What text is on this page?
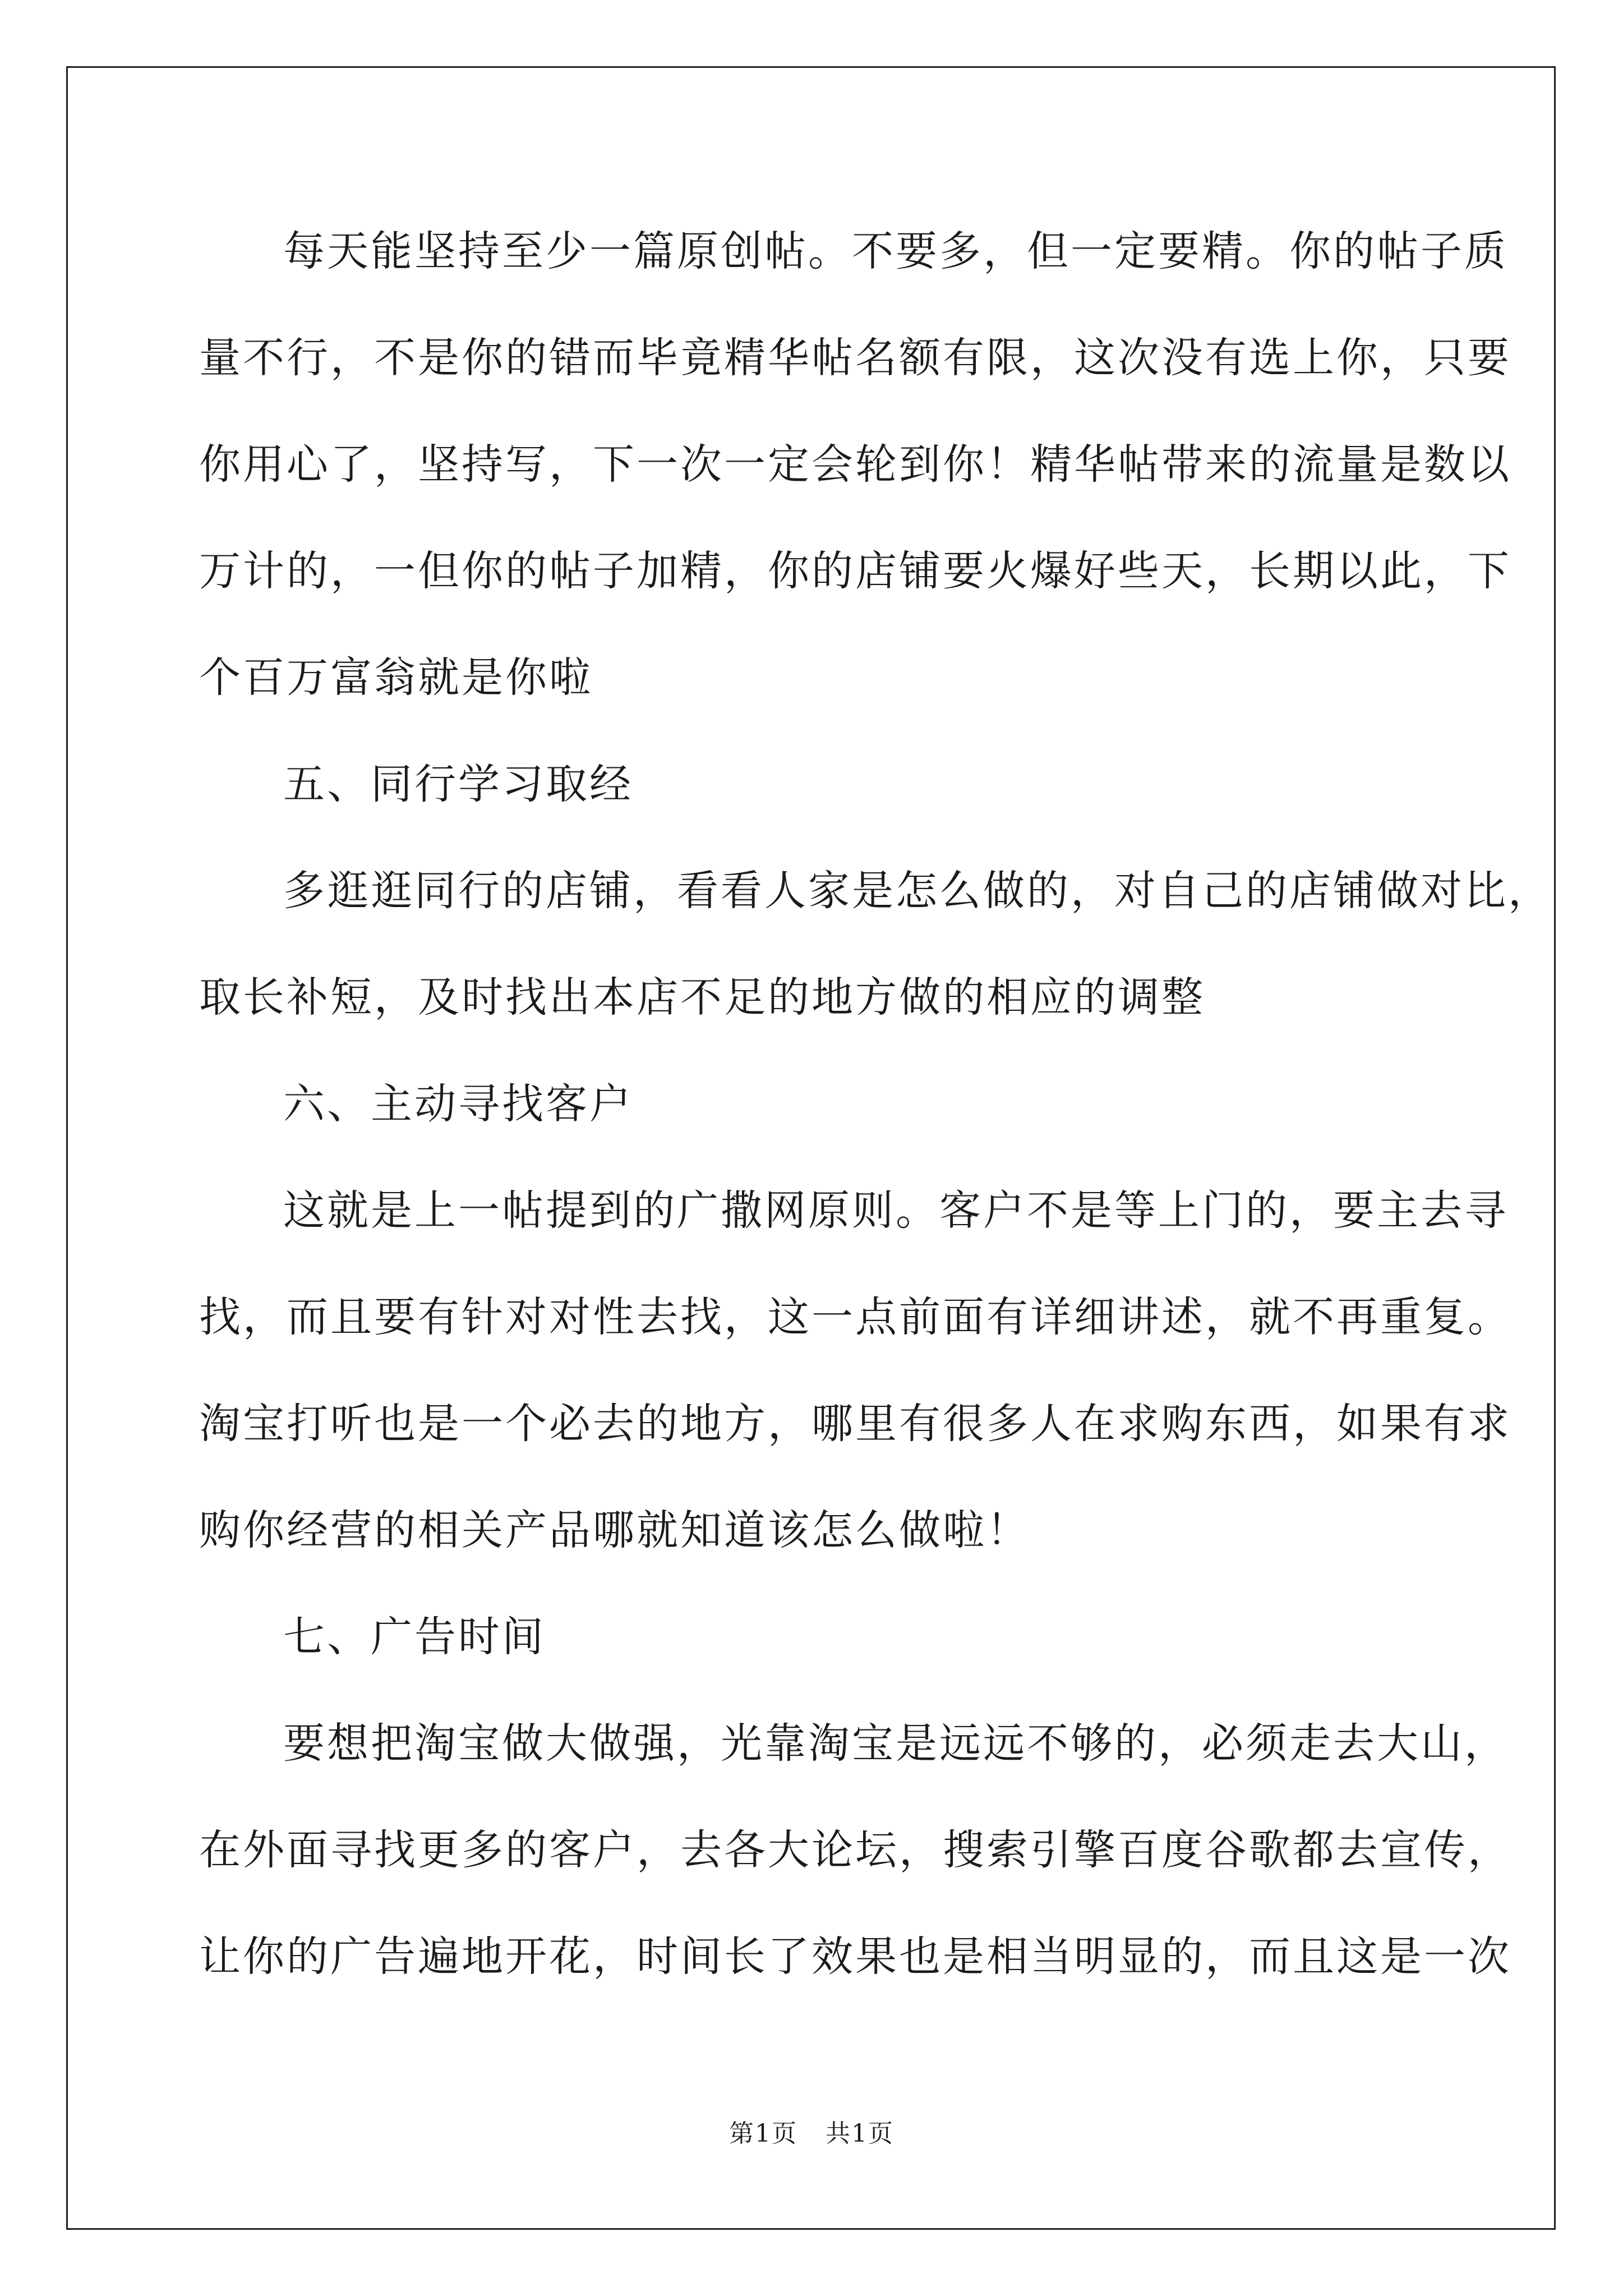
每天能坚持至少一篇原创帖。不要多，但一定要精。你的帖子质
量不行，不是你的错而毕竟精华帖名额有限，这次没有选上你，只要
你用心了，坚持写，下一次一定会轮到你！精华帖带来的流量是数以
万计的，一但你的帖子加精，你的店铺要火爆好些天，长期以此，下
个百万富翁就是你啦
五、同行学习取经
多逛逛同行的店铺，看看人家是怎么做的，对自己的店铺做对比，
取长补短，及时找出本店不足的地方做的相应的调整
六、主动寻找客户
这就是上一帖提到的广撒网原则。客户不是等上门的，要主去寻
找，而且要有针对对性去找，这一点前面有详细讲述，就不再重复。
淘宝打听也是一个必去的地方，哪里有很多人在求购东西，如果有求
购你经营的相关产品哪就知道该怎么做啦！
七、广告时间
要想把淘宝做大做强，光靠淘宝是远远不够的，必须走去大山，
在外面寻找更多的客户，去各大论坛，搜索引擎百度谷歌都去宣传，
让你的广告遍地开花，时间长了效果也是相当明显的，而且这是一次
第1页 共1页
